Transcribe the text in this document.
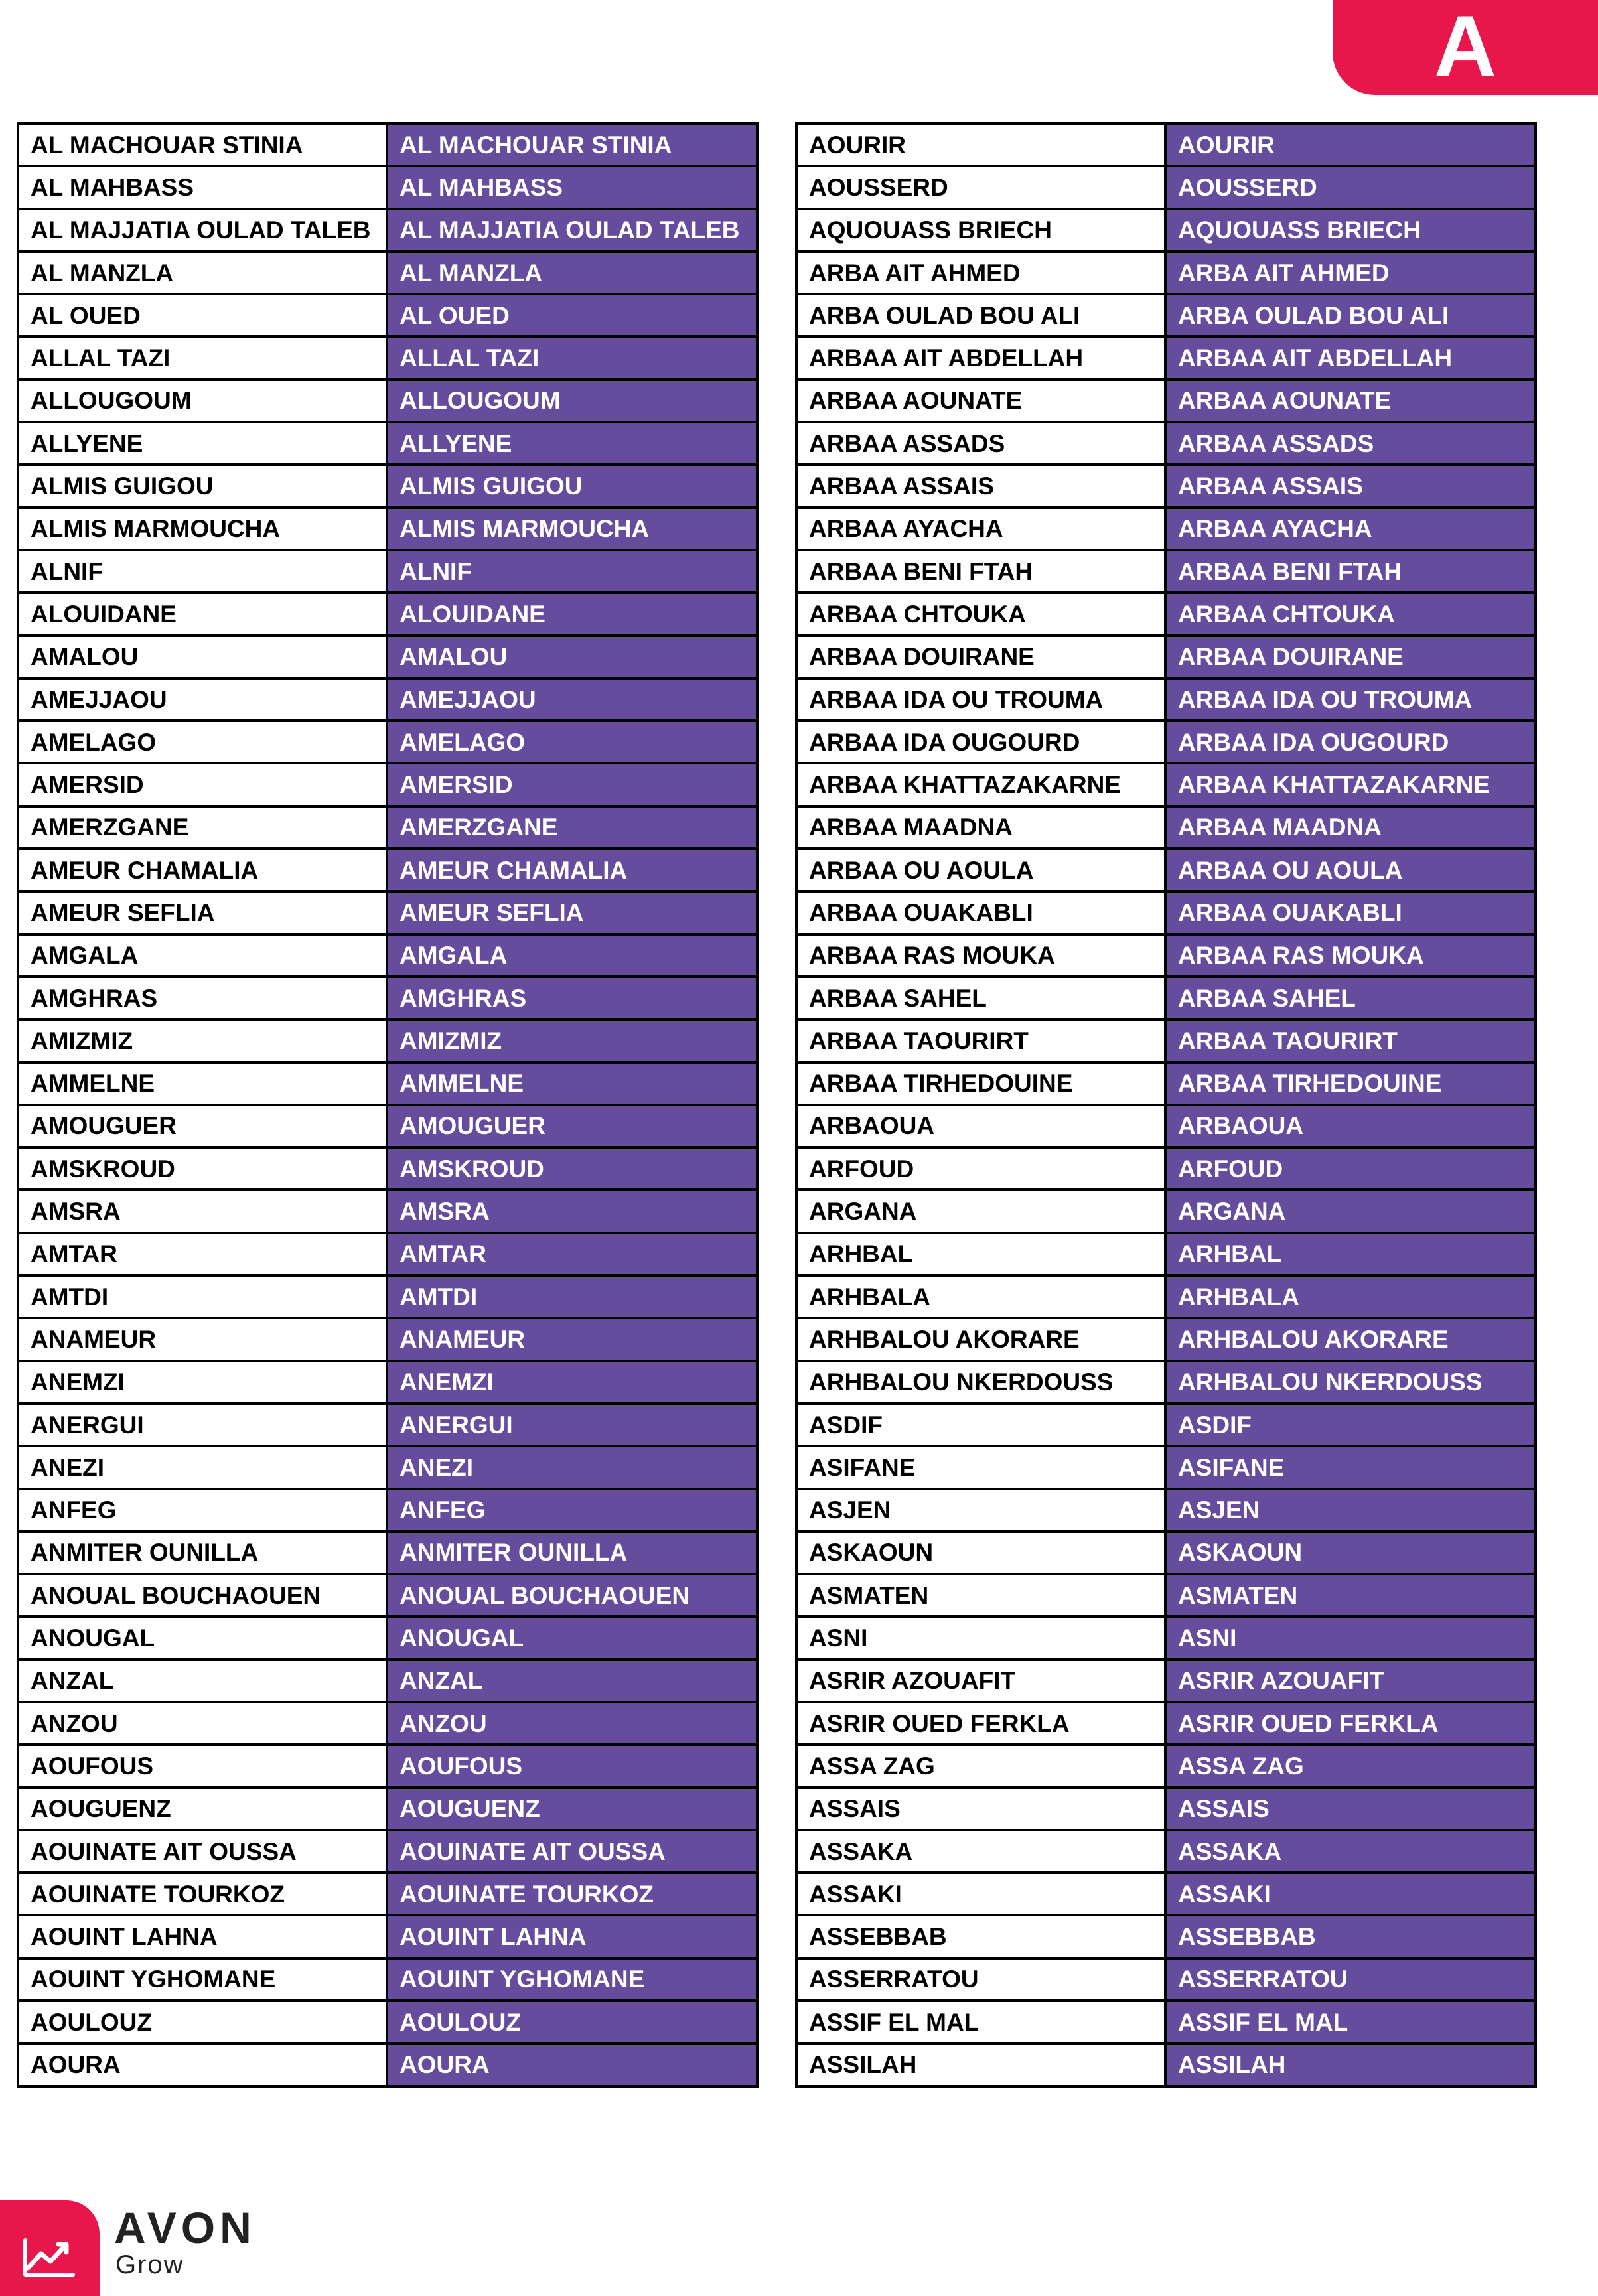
A
AL MACHOUAR STINIA	AL MACHOUAR STINIA
AL MAHBASS	AL MAHBASS
AL MAJJATIA OULAD TALEB	AL MAJJATIA OULAD TALEB
AL MANZLA	AL MANZLA
AL OUED	AL OUED
ALLAL TAZI	ALLAL TAZI
ALLOUGOUM	ALLOUGOUM
ALLYENE	ALLYENE
ALMIS GUIGOU	ALMIS GUIGOU
ALMIS MARMOUCHA	ALMIS MARMOUCHA
ALNIF	ALNIF
ALOUIDANE	ALOUIDANE
AMALOU	AMALOU
AMEJJAOU	AMEJJAOU
AMELAGO	AMELAGO
AMERSID	AMERSID
AMERZGANE	AMERZGANE
AMEUR CHAMALIA	AMEUR CHAMALIA
AMEUR SEFLIA	AMEUR SEFLIA
AMGALA	AMGALA
AMGHRAS	AMGHRAS
AMIZMIZ	AMIZMIZ
AMMELNE	AMMELNE
AMOUGUER	AMOUGUER
AMSKROUD	AMSKROUD
AMSRA	AMSRA
AMTAR	AMTAR
AMTDI	AMTDI
ANAMEUR	ANAMEUR
ANEMZI	ANEMZI
ANERGUI	ANERGUI
ANEZI	ANEZI
ANFEG	ANFEG
ANMITER OUNILLA	ANMITER OUNILLA
ANOUAL BOUCHAOUEN	ANOUAL BOUCHAOUEN
ANOUGAL	ANOUGAL
ANZAL	ANZAL
ANZOU	ANZOU
AOUFOUS	AOUFOUS
AOUGUENZ	AOUGUENZ
AOUINATE AIT OUSSA	AOUINATE AIT OUSSA
AOUINATE TOURKOZ	AOUINATE TOURKOZ
AOUINT LAHNA	AOUINT LAHNA
AOUINT YGHOMANE	AOUINT YGHOMANE
AOULOUZ	AOULOUZ
AOURA	AOURA
AOURIR	AOURIR
AOUSSERD	AOUSSERD
AQUOUASS BRIECH	AQUOUASS BRIECH
ARBA AIT AHMED	ARBA AIT AHMED
ARBA OULAD BOU ALI	ARBA OULAD BOU ALI
ARBAA AIT ABDELLAH	ARBAA AIT ABDELLAH
ARBAA AOUNATE	ARBAA AOUNATE
ARBAA ASSADS	ARBAA ASSADS
ARBAA ASSAIS	ARBAA ASSAIS
ARBAA AYACHA	ARBAA AYACHA
ARBAA BENI FTAH	ARBAA BENI FTAH
ARBAA CHTOUKA	ARBAA CHTOUKA
ARBAA DOUIRANE	ARBAA DOUIRANE
ARBAA IDA OU TROUMA	ARBAA IDA OU TROUMA
ARBAA IDA OUGOURD	ARBAA IDA OUGOURD
ARBAA KHATTAZAKARNE	ARBAA KHATTAZAKARNE
ARBAA MAADNA	ARBAA MAADNA
ARBAA OU AOULA	ARBAA OU AOULA
ARBAA OUAKABLI	ARBAA OUAKABLI
ARBAA RAS MOUKA	ARBAA RAS MOUKA
ARBAA SAHEL	ARBAA SAHEL
ARBAA TAOURIRT	ARBAA TAOURIRT
ARBAA TIRHEDOUINE	ARBAA TIRHEDOUINE
ARBAOUA	ARBAOUA
ARFOUD	ARFOUD
ARGANA	ARGANA
ARHBAL	ARHBAL
ARHBALA	ARHBALA
ARHBALOU AKORARE	ARHBALOU AKORARE
ARHBALOU NKERDOUSS	ARHBALOU NKERDOUSS
ASDIF	ASDIF
ASIFANE	ASIFANE
ASJEN	ASJEN
ASKAOUN	ASKAOUN
ASMATEN	ASMATEN
ASNI	ASNI
ASRIR AZOUAFIT	ASRIR AZOUAFIT
ASRIR OUED FERKLA	ASRIR OUED FERKLA
ASSA ZAG	ASSA ZAG
ASSAIS	ASSAIS
ASSAKA	ASSAKA
ASSAKI	ASSAKI
ASSEBBAB	ASSEBBAB
ASSERRATOU	ASSERRATOU
ASSIF EL MAL	ASSIF EL MAL
ASSILAH	ASSILAH
AVON
Grow
